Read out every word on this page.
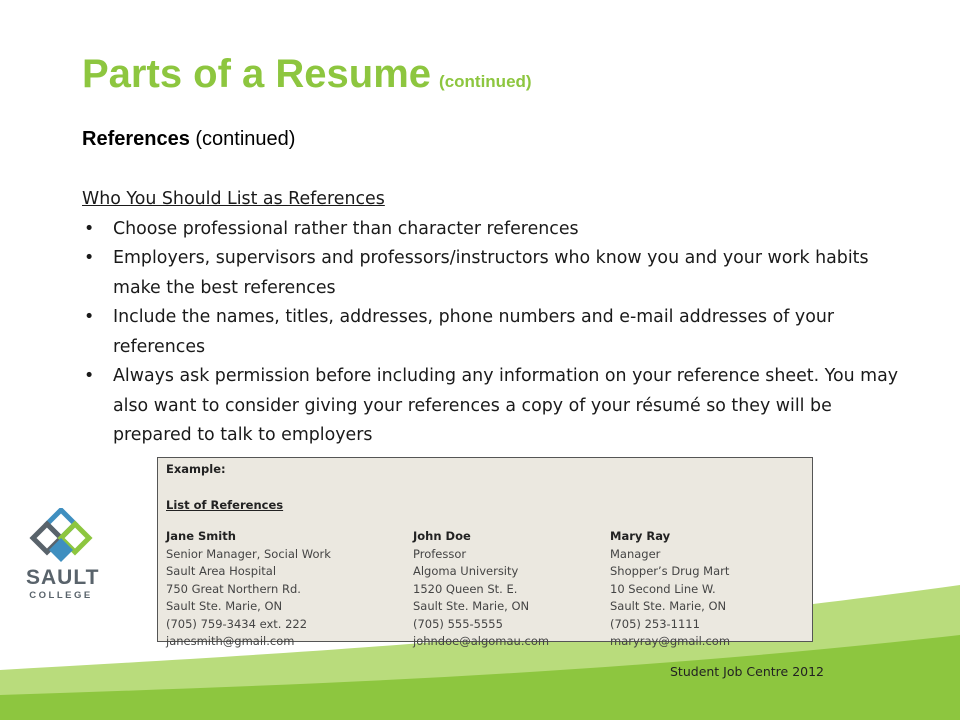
Parts of a Resume (continued)
References (continued)

Who You Should List as References

• Choose professional rather than character references
• Employers, supervisors and professors/instructors who know you and your work habits make the best references
• Include the names, titles, addresses, phone numbers and e-mail addresses of your references
• Always ask permission before including any information on your reference sheet. You may also want to consider giving your references a copy of your résumé so they will be prepared to talk to employers
Example:
List of References
Jane Smith
Senior Manager, Social Work
Sault Area Hospital
750 Great Northern Rd.
Sault Ste. Marie, ON
(705) 759-3434 ext. 222
janesmith@gmail.com
John Doe
Professor
Algoma University
1520 Queen St. E.
Sault Ste. Marie, ON
(705) 555-5555
johndoe@algomau.com
Mary Ray
Manager
Shopper’s Drug Mart
10 Second Line W.
Sault Ste. Marie, ON
(705) 253-1111
maryray@gmail.com
SAULT
COLLEGE
Student Job Centre 2012
